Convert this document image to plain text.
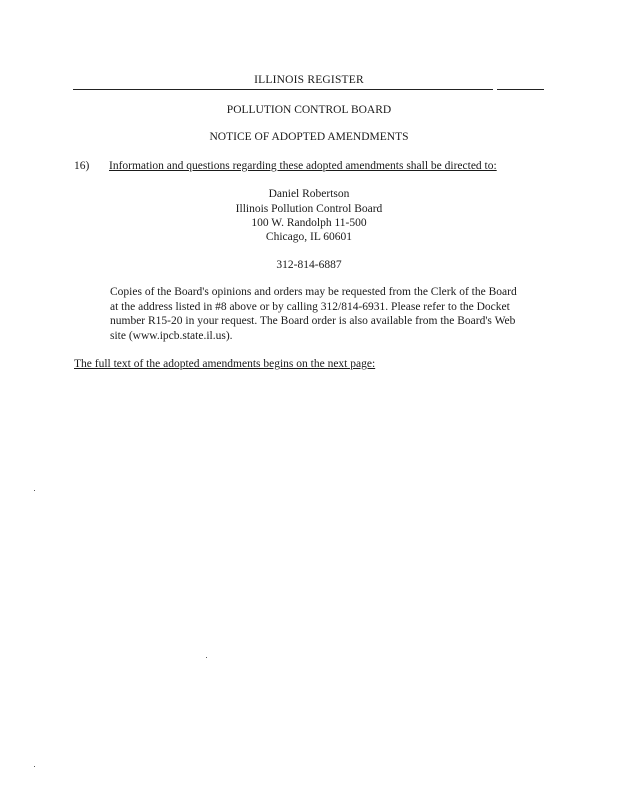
ILLINOIS REGISTER
POLLUTION CONTROL BOARD
NOTICE OF ADOPTED AMENDMENTS
16) Information and questions regarding these adopted amendments shall be directed to:
Daniel Robertson
Illinois Pollution Control Board
100 W. Randolph 11-500
Chicago, IL 60601
312-814-6887
Copies of the Board's opinions and orders may be requested from the Clerk of the Board
at the address listed in #8 above or by calling 312/814-6931. Please refer to the Docket
number R15-20 in your request. The Board order is also available from the Board's Web
site (www.ipcb.state.il.us).
The full text of the adopted amendments begins on the next page:
